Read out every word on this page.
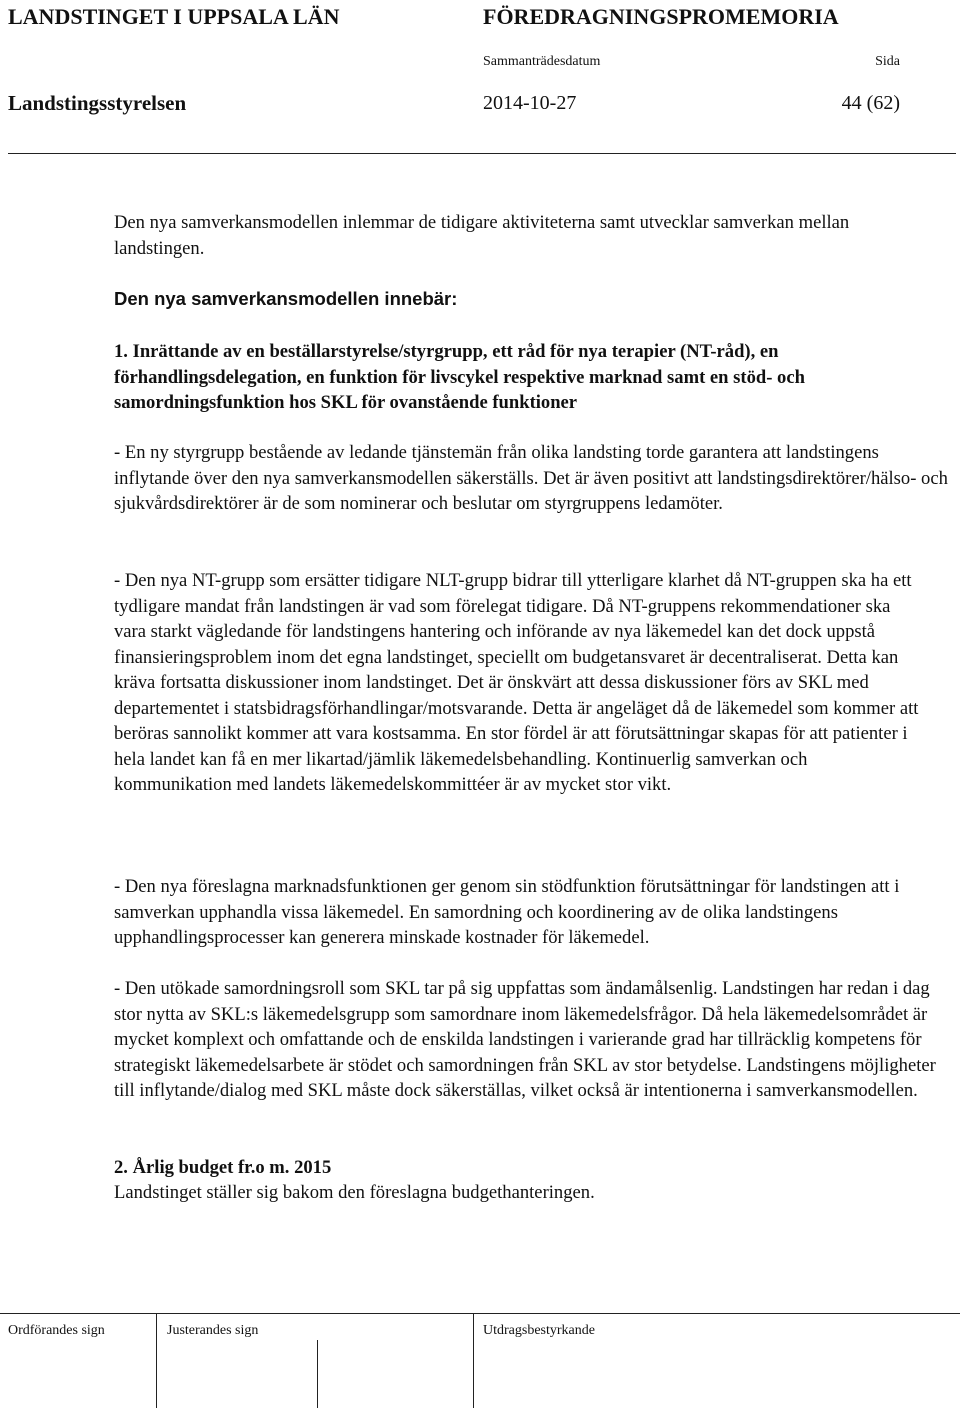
LANDSTINGET I UPPSALA LÄN	FÖREDRAGNINGSPROMEMORIA
Sammanträdesdatum	Sida
Landstingsstyrelsen	2014-10-27	44 (62)

Den nya samverkansmodellen inlemmar de tidigare aktiviteterna samt utvecklar samverkan mellan landstingen.

Den nya samverkansmodellen innebär:
1. Inrättande av en beställarstyrelse/styrgrupp, ett råd för nya terapier (NT-råd), en förhandlingsdelegation, en funktion för livscykel respektive marknad samt en stöd- och samordningsfunktion hos SKL för ovanstående funktioner
- En ny styrgrupp bestående av ledande tjänstemän från olika landsting torde garantera att landstingens inflytande över den nya samverkansmodellen säkerställs. Det är även positivt att landstingsdirektörer/hälso- och sjukvårdsdirektörer är de som nominerar och beslutar om styrgruppens ledamöter.
- Den nya NT-grupp som ersätter tidigare NLT-grupp bidrar till ytterligare klarhet då NT-gruppen ska ha ett tydligare mandat från landstingen är vad som förelegat tidigare. Då NT-gruppens rekommendationer ska vara starkt vägledande för landstingens hantering och införande av nya läkemedel kan det dock uppstå finansieringsproblem inom det egna landstinget, speciellt om budgetansvaret är decentraliserat. Detta kan kräva fortsatta diskussioner inom landstinget. Det är önskvärt att dessa diskussioner förs av SKL med departementet i statsbidragsförhandlingar/motsvarande. Detta är angeläget då de läkemedel som kommer att beröras sannolikt kommer att vara kostsamma. En stor fördel är att förutsättningar skapas för att patienter i hela landet kan få en mer likartad/jämlik läkemedelsbehandling. Kontinuerlig samverkan och kommunikation med landets läkemedelskommittéer är av mycket stor vikt.
- Den nya föreslagna marknadsfunktionen ger genom sin stödfunktion förutsättningar för landstingen att i samverkan upphandla vissa läkemedel. En samordning och koordinering av de olika landstingens upphandlingsprocesser kan generera minskade kostnader för läkemedel.
- Den utökade samordningsroll som SKL tar på sig uppfattas som ändamålsenlig. Landstingen har redan i dag stor nytta av SKL:s läkemedelsgrupp som samordnare inom läkemedelsfrågor. Då hela läkemedelsområdet är mycket komplext och omfattande och de enskilda landstingen i varierande grad har tillräcklig kompetens för strategiskt läkemedelsarbete är stödet och samordningen från SKL av stor betydelse. Landstingens möjligheter till inflytande/dialog med SKL måste dock säkerställas, vilket också är intentionerna i samverkansmodellen.
2. Årlig budget fr.o m. 2015
Landstinget ställer sig bakom den föreslagna budgethanteringen.
Ordförandes sign	Justerandes sign	Utdragsbestyrkande
